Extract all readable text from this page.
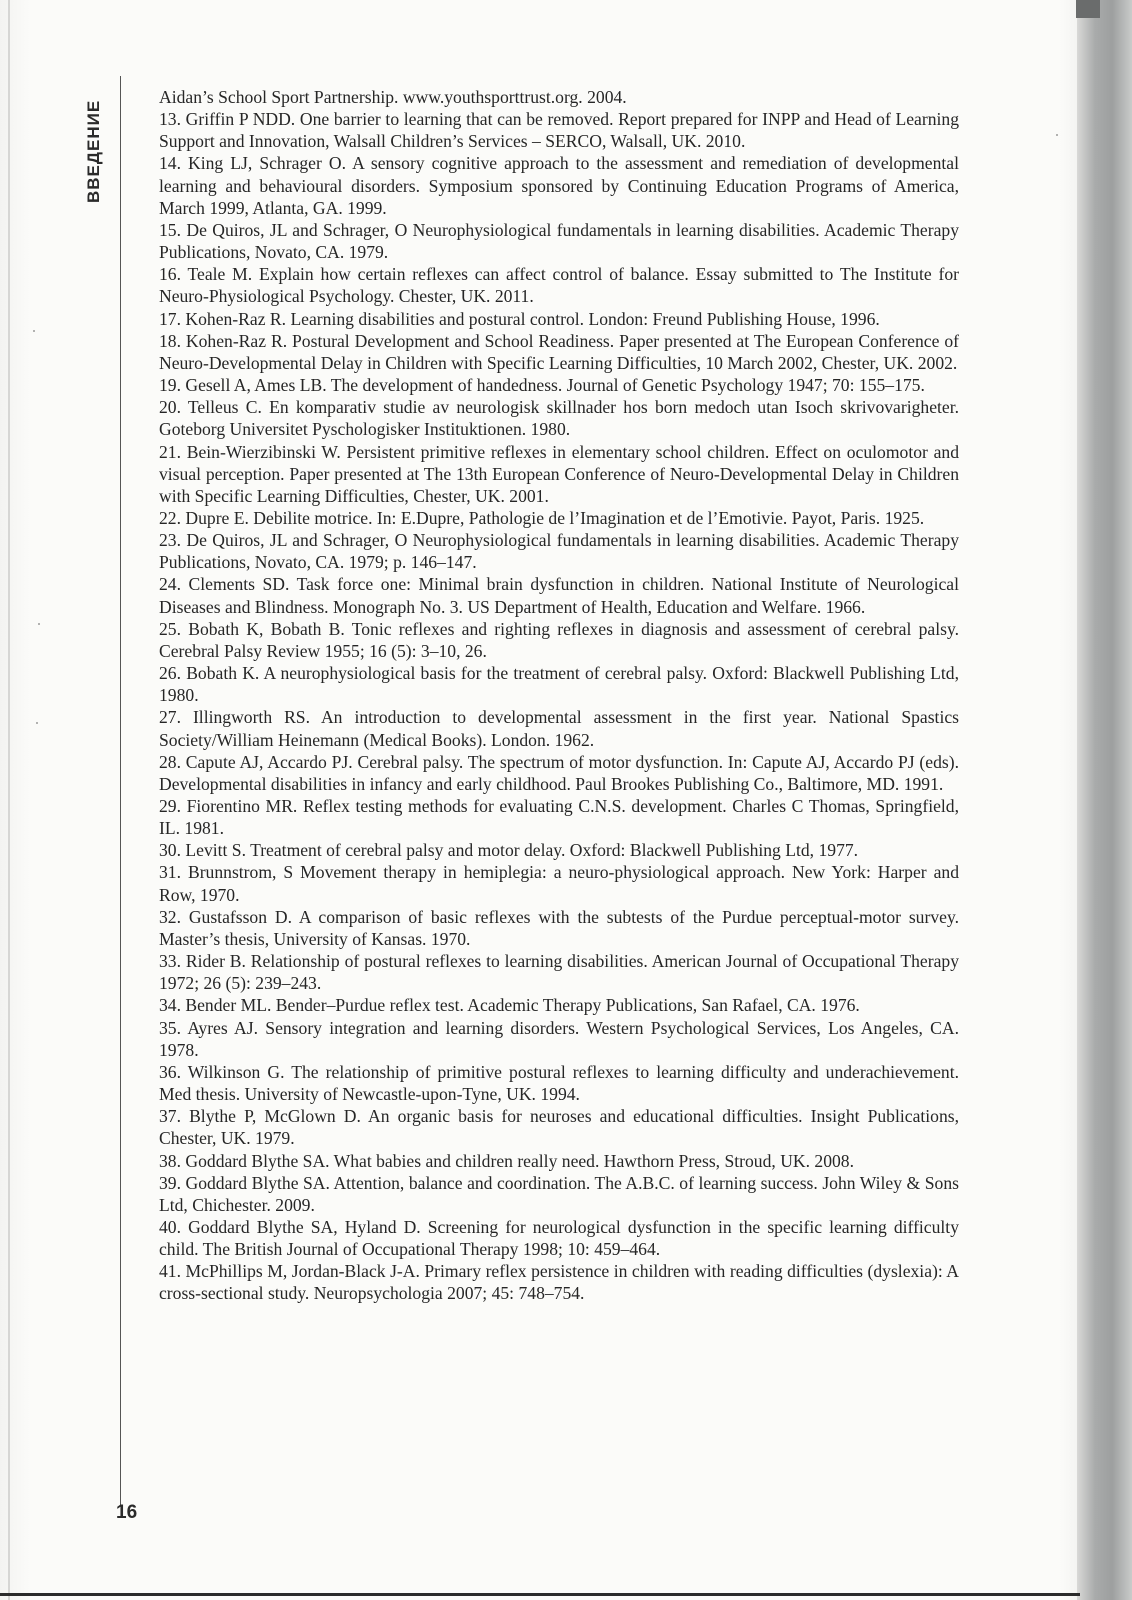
ВВЕДЕНИЕ
Aidan’s School Sport Partnership. www.youthsporttrust.org. 2004.
13. Griffin P NDD. One barrier to learning that can be removed. Report prepared for INPP and Head of Learning Support and Innovation, Walsall Children’s Services – SERCO, Walsall, UK. 2010.
14. King LJ, Schrager O. A sensory cognitive approach to the assessment and remediation of developmental learning and behavioural disorders. Symposium sponsored by Continuing Education Programs of America, March 1999, Atlanta, GA. 1999.
15. De Quiros, JL and Schrager, O Neurophysiological fundamentals in learning disabilities. Academic Therapy Publications, Novato, CA. 1979.
16. Teale M. Explain how certain reflexes can affect control of balance. Essay submitted to The Institute for Neuro-Physiological Psychology. Chester, UK. 2011.
17. Kohen-Raz R. Learning disabilities and postural control. London: Freund Publishing House, 1996.
18. Kohen-Raz R. Postural Development and School Readiness. Paper presented at The European Conference of Neuro-Developmental Delay in Children with Specific Learning Difficulties, 10 March 2002, Chester, UK. 2002.
19. Gesell A, Ames LB. The development of handedness. Journal of Genetic Psychology 1947; 70: 155–175.
20. Telleus C. En komparativ studie av neurologisk skillnader hos born medoch utan Isoch skrivovarigheter. Goteborg Universitet Pyschologisker Instituktionen. 1980.
21. Bein-Wierzibinski W. Persistent primitive reflexes in elementary school children. Effect on oculomotor and visual perception. Paper presented at The 13th European Conference of Neuro-Developmental Delay in Children with Specific Learning Difficulties, Chester, UK. 2001.
22. Dupre E. Debilite motrice. In: E.Dupre, Pathologie de l’Imagination et de l’Emotivie. Payot, Paris. 1925.
23. De Quiros, JL and Schrager, O Neurophysiological fundamentals in learning disabilities. Academic Therapy Publications, Novato, CA. 1979; p. 146–147.
24. Clements SD. Task force one: Minimal brain dysfunction in children. National Institute of Neurological Diseases and Blindness. Monograph No. 3. US Department of Health, Education and Welfare. 1966.
25. Bobath K, Bobath B. Tonic reflexes and righting reflexes in diagnosis and assessment of cerebral palsy. Cerebral Palsy Review 1955; 16 (5): 3–10, 26.
26. Bobath K. A neurophysiological basis for the treatment of cerebral palsy. Oxford: Blackwell Publishing Ltd, 1980.
27. Illingworth RS. An introduction to developmental assessment in the first year. National Spastics Society/William Heinemann (Medical Books). London. 1962.
28. Capute AJ, Accardo PJ. Cerebral palsy. The spectrum of motor dysfunction. In: Capute AJ, Accardo PJ (eds). Developmental disabilities in infancy and early childhood. Paul Brookes Publishing Co., Baltimore, MD. 1991.
29. Fiorentino MR. Reflex testing methods for evaluating C.N.S. development. Charles C Thomas, Springfield, IL. 1981.
30. Levitt S. Treatment of cerebral palsy and motor delay. Oxford: Blackwell Publishing Ltd, 1977.
31. Brunnstrom, S Movement therapy in hemiplegia: a neuro-physiological approach. New York: Harper and Row, 1970.
32. Gustafsson D. A comparison of basic reflexes with the subtests of the Purdue perceptual-motor survey. Master’s thesis, University of Kansas. 1970.
33. Rider B. Relationship of postural reflexes to learning disabilities. American Journal of Occupational Therapy 1972; 26 (5): 239–243.
34. Bender ML. Bender–Purdue reflex test. Academic Therapy Publications, San Rafael, CA. 1976.
35. Ayres AJ. Sensory integration and learning disorders. Western Psychological Services, Los Angeles, CA. 1978.
36. Wilkinson G. The relationship of primitive postural reflexes to learning difficulty and underachievement. Med thesis. University of Newcastle-upon-Tyne, UK. 1994.
37. Blythe P, McGlown D. An organic basis for neuroses and educational difficulties. Insight Publications, Chester, UK. 1979.
38. Goddard Blythe SA. What babies and children really need. Hawthorn Press, Stroud, UK. 2008.
39. Goddard Blythe SA. Attention, balance and coordination. The A.B.C. of learning success. John Wiley & Sons Ltd, Chichester. 2009.
40. Goddard Blythe SA, Hyland D. Screening for neurological dysfunction in the specific learning difficulty child. The British Journal of Occupational Therapy 1998; 10: 459–464.
41. McPhillips M, Jordan-Black J-A. Primary reflex persistence in children with reading difficulties (dyslexia): A cross-sectional study. Neuropsychologia 2007; 45: 748–754.
16
